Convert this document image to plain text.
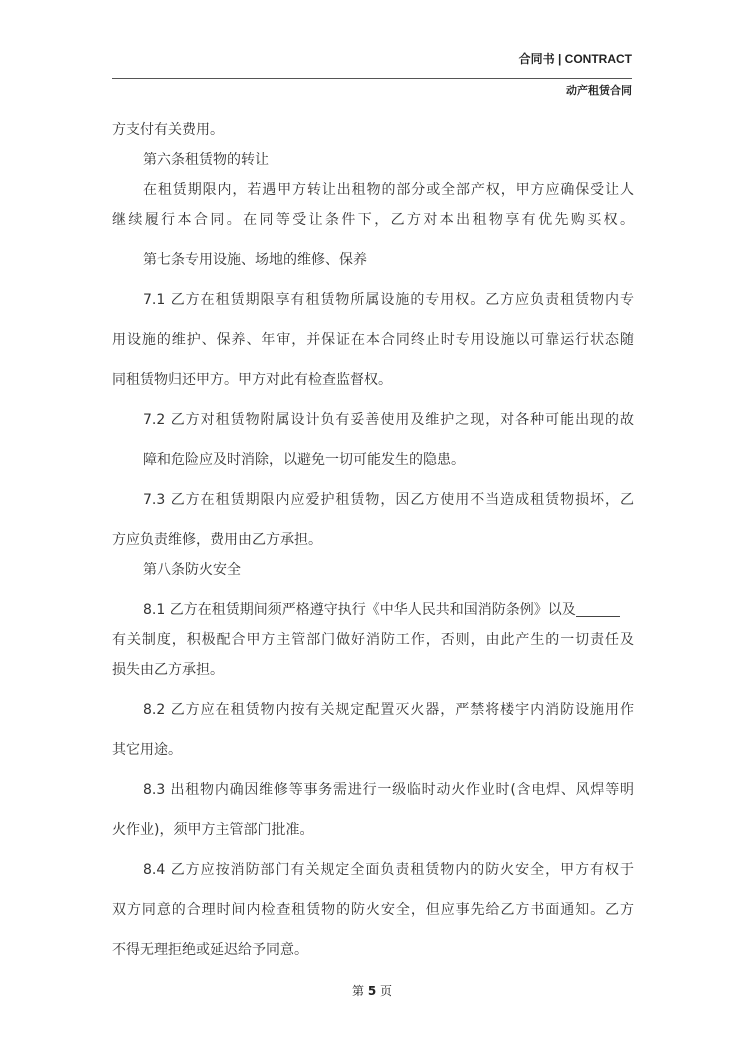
合同书 | CONTRACT
动产租赁合同
方支付有关费用。
第六条租赁物的转让
在租赁期限内，若遇甲方转让出租物的部分或全部产权，甲方应确保受让人
继续履行本合同。在同等受让条件下，乙方对本出租物享有优先购买权。
第七条专用设施、场地的维修、保养
7.1 乙方在租赁期限享有租赁物所属设施的专用权。乙方应负责租赁物内专
用设施的维护、保养、年审，并保证在本合同终止时专用设施以可靠运行状态随
同租赁物归还甲方。甲方对此有检查监督权。
7.2 乙方对租赁物附属设计负有妥善使用及维护之现，对各种可能出现的故
障和危险应及时消除，以避免一切可能发生的隐患。
7.3 乙方在租赁期限内应爱护租赁物，因乙方使用不当造成租赁物损坏，乙
方应负责维修，费用由乙方承担。
第八条防火安全
8.1 乙方在租赁期间须严格遵守执行《中华人民共和国消防条例》以及
有关制度，积极配合甲方主管部门做好消防工作，否则，由此产生的一切责任及
损失由乙方承担。
8.2 乙方应在租赁物内按有关规定配置灭火器，严禁将楼宇内消防设施用作
其它用途。
8.3 出租物内确因维修等事务需进行一级临时动火作业时(含电焊、风焊等明
火作业)，须甲方主管部门批准。
8.4 乙方应按消防部门有关规定全面负责租赁物内的防火安全，甲方有权于
双方同意的合理时间内检查租赁物的防火安全，但应事先给乙方书面通知。乙方
不得无理拒绝或延迟给予同意。
第 5 页
